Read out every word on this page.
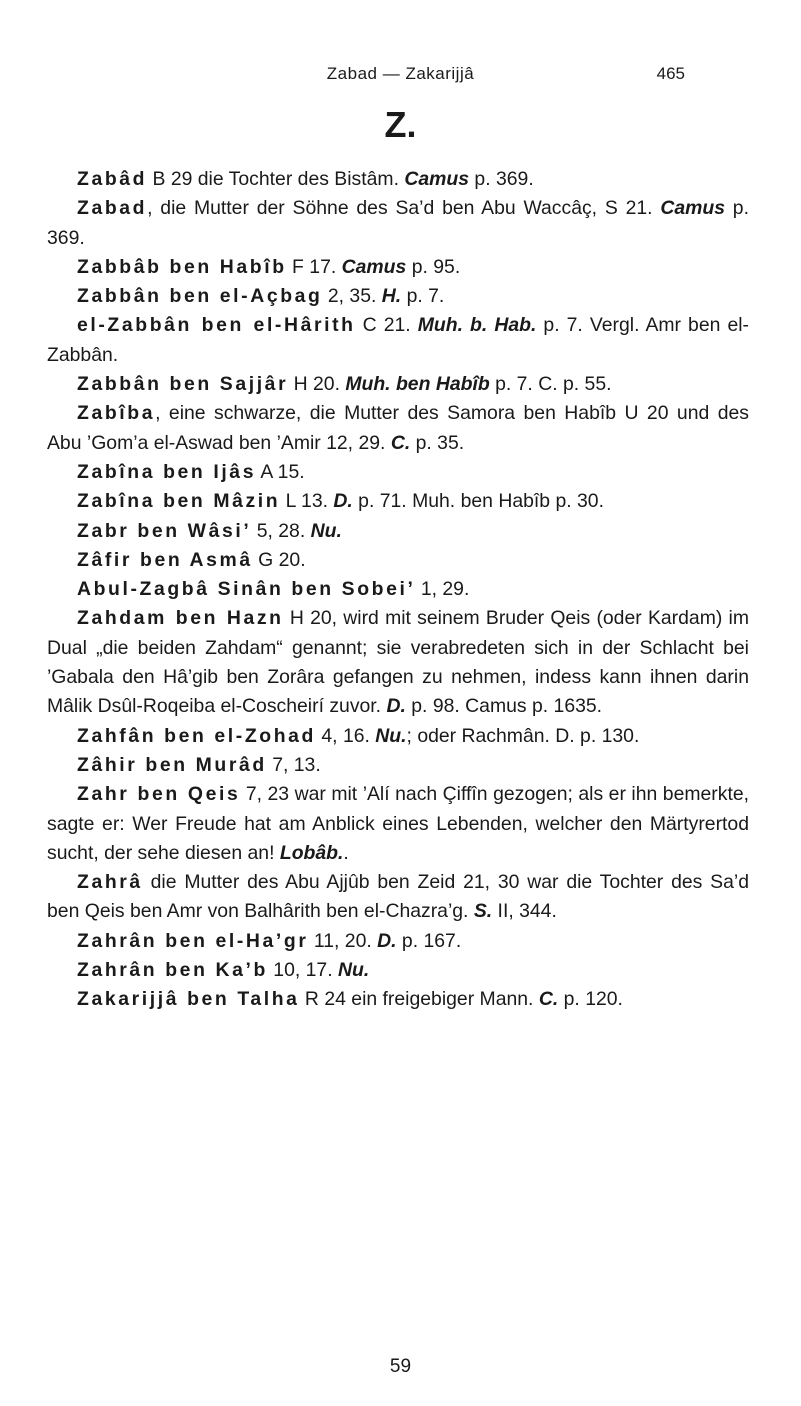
Zabad — Zakarijjâ	465
Z.

Zabâd B 29 die Tochter des Bistâm. Camus p. 369.

Zabad, die Mutter der Söhne des Sa’d ben Abu Waccâç, S 21. Camus p. 369.

Zabbâb ben Habîb F 17. Camus p. 95.

Zabbân ben el-Açbag 2, 35. H. p. 7.

el-Zabbân ben el-Hârith C 21. Muh. b. Hab. p. 7. Vergl. Amr ben el-Zabbân.

Zabbân ben Sajjâr H 20. Muh. ben Habîb p. 7. C. p. 55.

Zabîba, eine schwarze, die Mutter des Samora ben Habîb U 20 und des Abu ’Gom’a el-Aswad ben ’Amir 12, 29. C. p. 35.

Zabîna ben Ijâs A 15.

Zabîna ben Mâzin L 13. D. p. 71. Muh. ben Habîb p. 30.

Zabr ben Wâsi’ 5, 28. Nu.

Zâfir ben Asmâ G 20.

Abul-Zagbâ Sinân ben Sobei’ 1, 29.

Zahdam ben Hazn H 20, wird mit seinem Bruder Qeis (oder Kardam) im Dual „die beiden Zahdam“ genannt; sie verabredeten sich in der Schlacht bei ’Gabala den Hâ’gib ben Zorâra gefangen zu nehmen, indess kann ihnen darin Mâlik Dsûl-Roqeiba el-Coscheirí zuvor. D. p. 98. Camus p. 1635.

Zahfân ben el-Zohad 4, 16. Nu.; oder Rachmân. D. p. 130.

Zâhir ben Murâd 7, 13.

Zahr ben Qeis 7, 23 war mit ’Alí nach Çiffîn gezogen; als er ihn bemerkte, sagte er: Wer Freude hat am Anblick eines Lebenden, welcher den Märtyrertod sucht, der sehe diesen an! Lobâb..

Zahrâ die Mutter des Abu Ajjûb ben Zeid 21, 30 war die Tochter des Sa’d ben Qeis ben Amr von Balhârith ben el-Chazra’g. S. II, 344.

Zahrân ben el-Ha’gr 11, 20. D. p. 167.

Zahrân ben Ka’b 10, 17. Nu.

Zakarijjâ ben Talha R 24 ein freigebiger Mann. C. p. 120.

59
